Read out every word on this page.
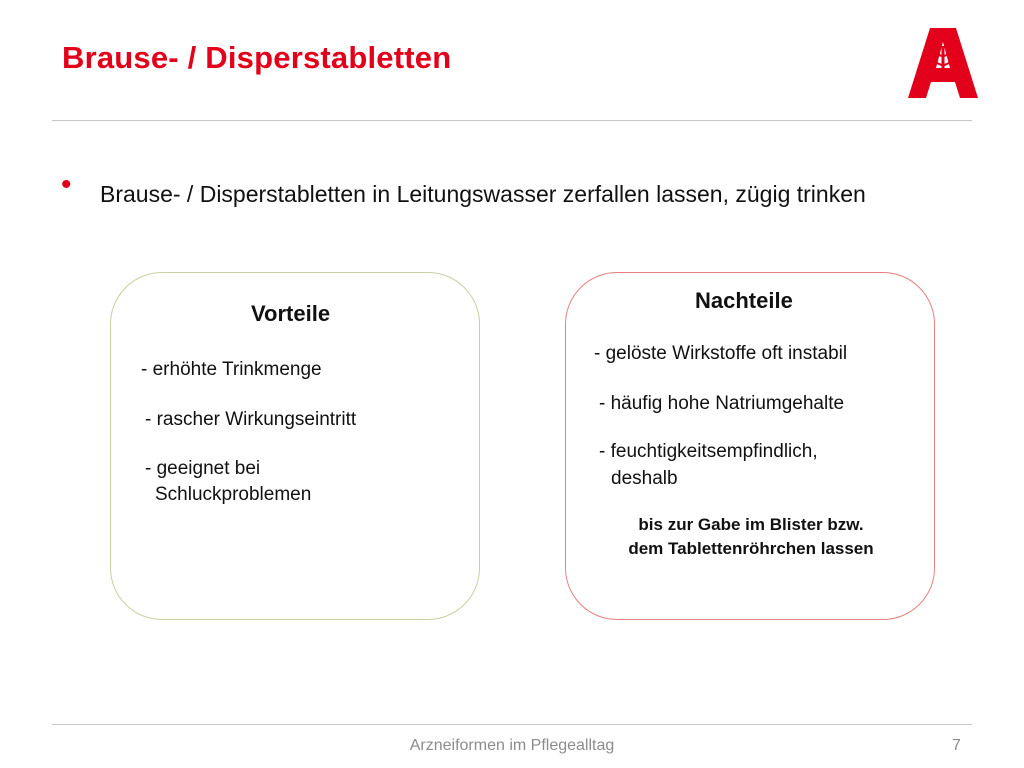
Brause- / Disperstabletten
• Brause- / Disperstabletten in Leitungswasser zerfallen lassen, zügig trinken
Vorteile
- erhöhte Trinkmenge
- rascher Wirkungseintritt
- geeignet bei
Schluckproblemen
Nachteile
- gelöste Wirkstoffe oft instabil
- häufig hohe Natriumgehalte
- feuchtigkeitsempfindlich,
deshalb
bis zur Gabe im Blister bzw.
dem Tablettenröhrchen lassen
Arzneiformen im Pflegealltag	7
